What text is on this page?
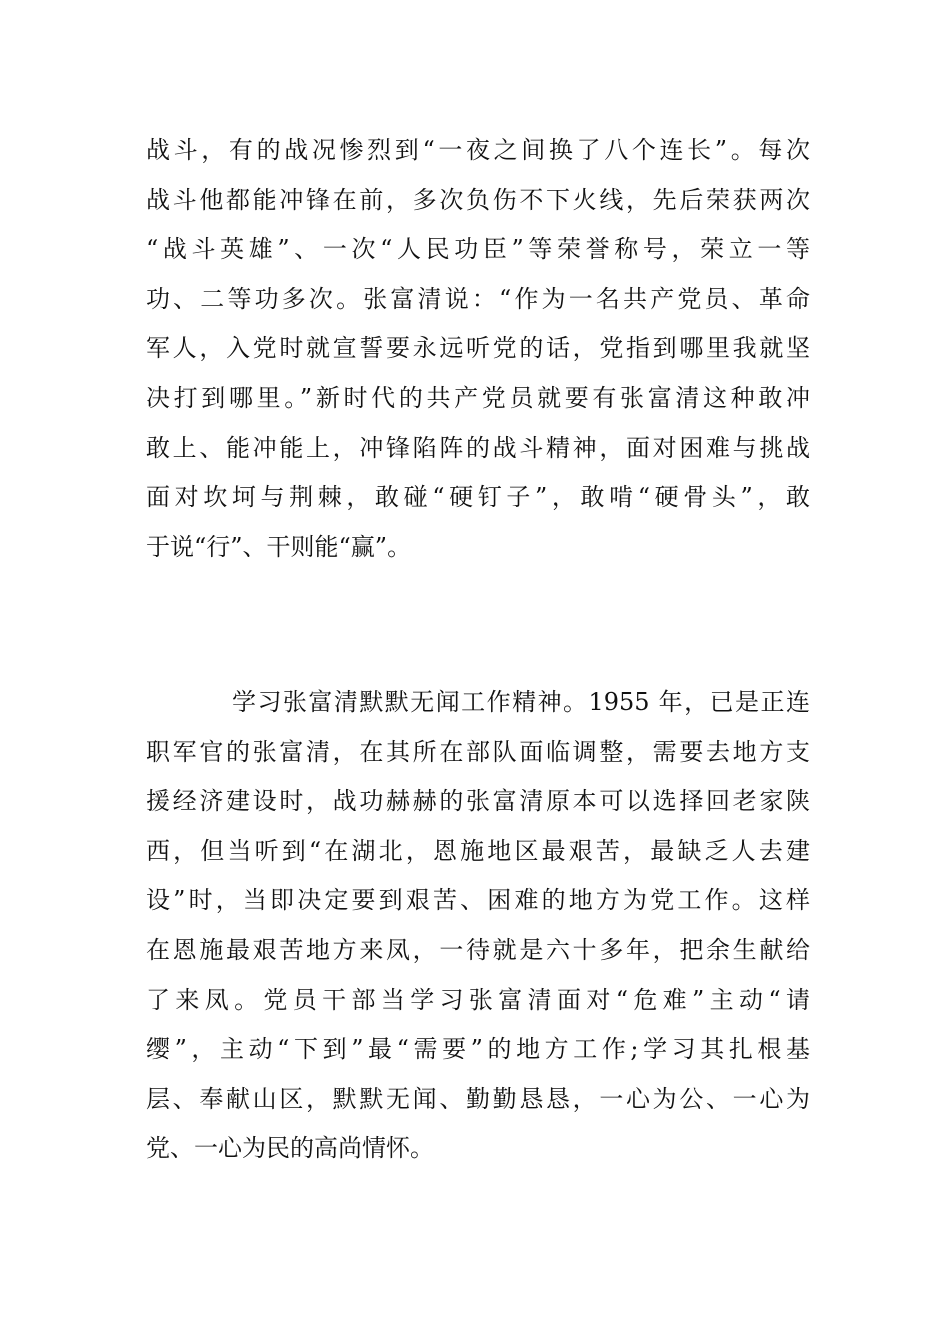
战斗，有的战况惨烈到“一夜之间换了八个连长”。每次
战斗他都能冲锋在前，多次负伤不下火线，先后荣获两次
“战斗英雄”、一次“人民功臣”等荣誉称号，荣立一等
功、二等功多次。张富清说：“作为一名共产党员、革命
军人，入党时就宣誓要永远听党的话，党指到哪里我就坚
决打到哪里。”新时代的共产党员就要有张富清这种敢冲
敢上、能冲能上，冲锋陷阵的战斗精神，面对困难与挑战
面对坎坷与荆棘，敢碰“硬钉子”，敢啃“硬骨头”，敢
于说“行”、干则能“赢”。
学习张富清默默无闻工作精神。1955 年，已是正连
职军官的张富清，在其所在部队面临调整，需要去地方支
援经济建设时，战功赫赫的张富清原本可以选择回老家陕
西，但当听到“在湖北，恩施地区最艰苦，最缺乏人去建
设”时，当即决定要到艰苦、困难的地方为党工作。这样
在恩施最艰苦地方来凤，一待就是六十多年，把余生献给
了来凤。党员干部当学习张富清面对“危难”主动“请
缨”，主动“下到”最“需要”的地方工作;学习其扎根基
层、奉献山区，默默无闻、勤勤恳恳，一心为公、一心为
党、一心为民的高尚情怀。
